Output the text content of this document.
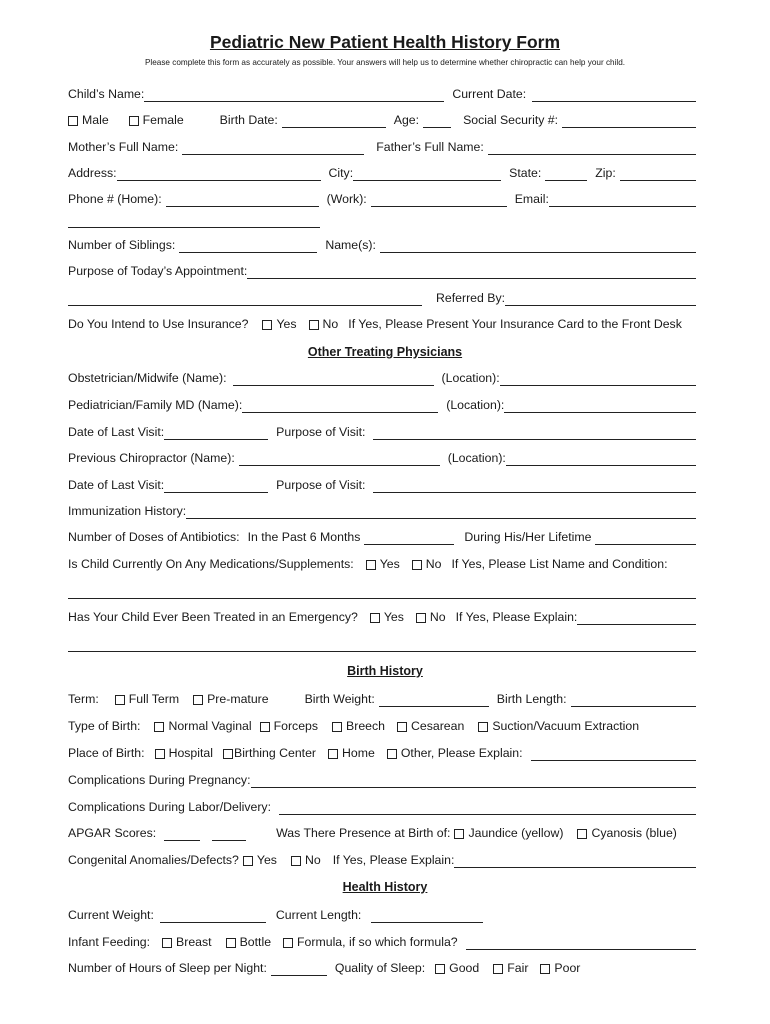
Pediatric New Patient Health History Form

Please complete this form as accurately as possible. Your answers will help us to determine whether chiropractic can help your child.

Child’s Name:	Current Date:
Male	Female	Birth Date:	Age:	Social Security #:
Mother’s Full Name:	Father’s Full Name:
Address:	City:	State:	Zip:
Phone # (Home):	(Work):	Email:
Number of Siblings:	Name(s):
Purpose of Today’s Appointment:
Referred By:
Do You Intend to Use Insurance? Yes No If Yes, Please Present Your Insurance Card to the Front Desk
Other Treating Physicians
Obstetrician/Midwife (Name):	(Location):
Pediatrician/Family MD (Name):	(Location):
Date of Last Visit:	Purpose of Visit:
Previous Chiropractor (Name):	(Location):
Date of Last Visit:	Purpose of Visit:
Immunization History:
Number of Doses of Antibiotics: In the Past 6 Months	During His/Her Lifetime
Is Child Currently On Any Medications/Supplements: Yes No If Yes, Please List Name and Condition:
Has Your Child Ever Been Treated in an Emergency? Yes No If Yes, Please Explain:
Birth History
Term: Full Term Pre-mature	Birth Weight:	Birth Length:
Type of Birth: Normal Vaginal Forceps Breech Cesarean Suction/Vacuum Extraction
Place of Birth: Hospital Birthing Center Home Other, Please Explain:
Complications During Pregnancy:
Complications During Labor/Delivery:
APGAR Scores:	Was There Presence at Birth of: Jaundice (yellow) Cyanosis (blue)
Congenital Anomalies/Defects? Yes No If Yes, Please Explain:
Health History
Current Weight:	Current Length:
Infant Feeding: Breast Bottle Formula, if so which formula?
Number of Hours of Sleep per Night:	Quality of Sleep: Good Fair Poor
